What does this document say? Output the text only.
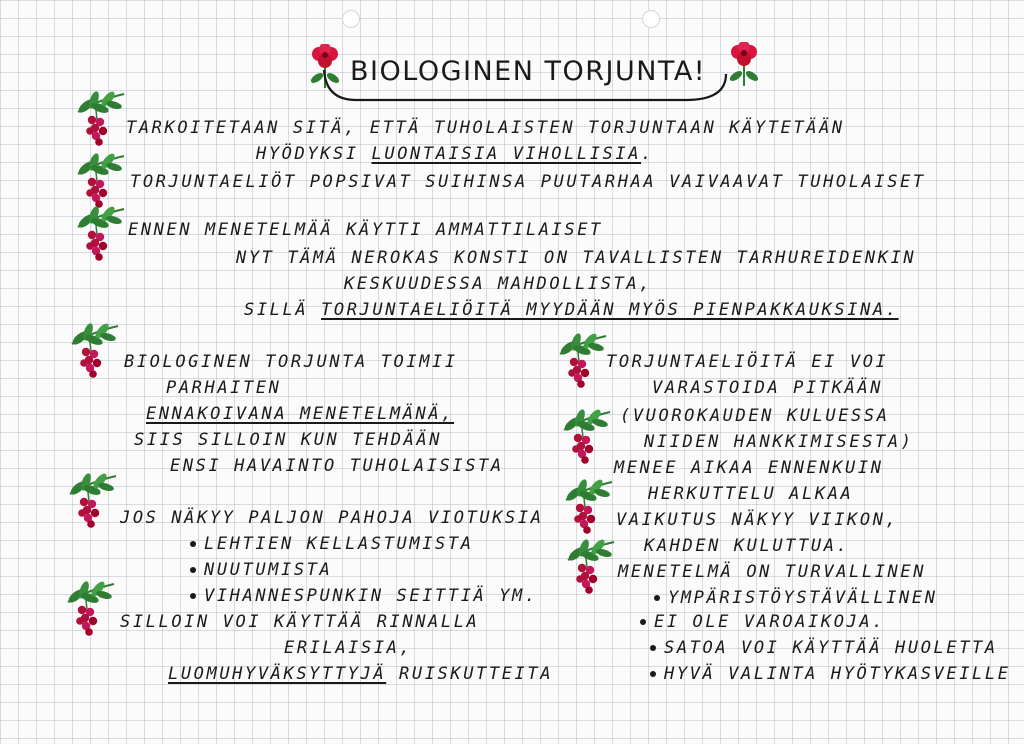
BIOLOGINEN TORJUNTA!
TARKOITETAAN SITÄ, ETTÄ TUHOLAISTEN TORJUNTAAN KÄYTETÄÄN
HYÖDYKSI LUONTAISIA VIHOLLISIA.
TORJUNTAELIÖT POPSIVAT SUIHINSA PUUTARHAA VAIVAAVAT TUHOLAISET
ENNEN MENETELMÄÄ KÄYTTI AMMATTILAISET
NYT TÄMÄ NEROKAS KONSTI ON TAVALLISTEN TARHUREIDENKIN
KESKUUDESSA MAHDOLLISTA,
SILLÄ TORJUNTAELIÖITÄ MYYDÄÄN MYÖS PIENPAKKAUKSINA.
BIOLOGINEN TORJUNTA TOIMII
PARHAITEN
ENNAKOIVANA MENETELMÄNÄ,
SIIS SILLOIN KUN TEHDÄÄN
ENSI HAVAINTO TUHOLAISISTA
JOS NÄKYY PALJON PAHOJA VIOTUKSIA
LEHTIEN KELLASTUMISTA
NUUTUMISTA
VIHANNESPUNKIN SEITTIÄ YM.
SILLOIN VOI KÄYTTÄÄ RINNALLA
ERILAISIA,
LUOMUHYVÄKSYTTYJÄ RUISKUTTEITA
TORJUNTAELIÖITÄ EI VOI
VARASTOIDA PITKÄÄN
(VUOROKAUDEN KULUESSA
NIIDEN HANKKIMISESTA)
MENEE AIKAA ENNENKUIN
HERKUTTELU ALKAA
VAIKUTUS NÄKYY VIIKON,
KAHDEN KULUTTUA.
MENETELMÄ ON TURVALLINEN
YMPÄRISTÖYSTÄVÄLLINEN
EI OLE VAROAIKOJA.
SATOA VOI KÄYTTÄÄ HUOLETTA
HYVÄ VALINTA HYÖTYKASVEILLE
